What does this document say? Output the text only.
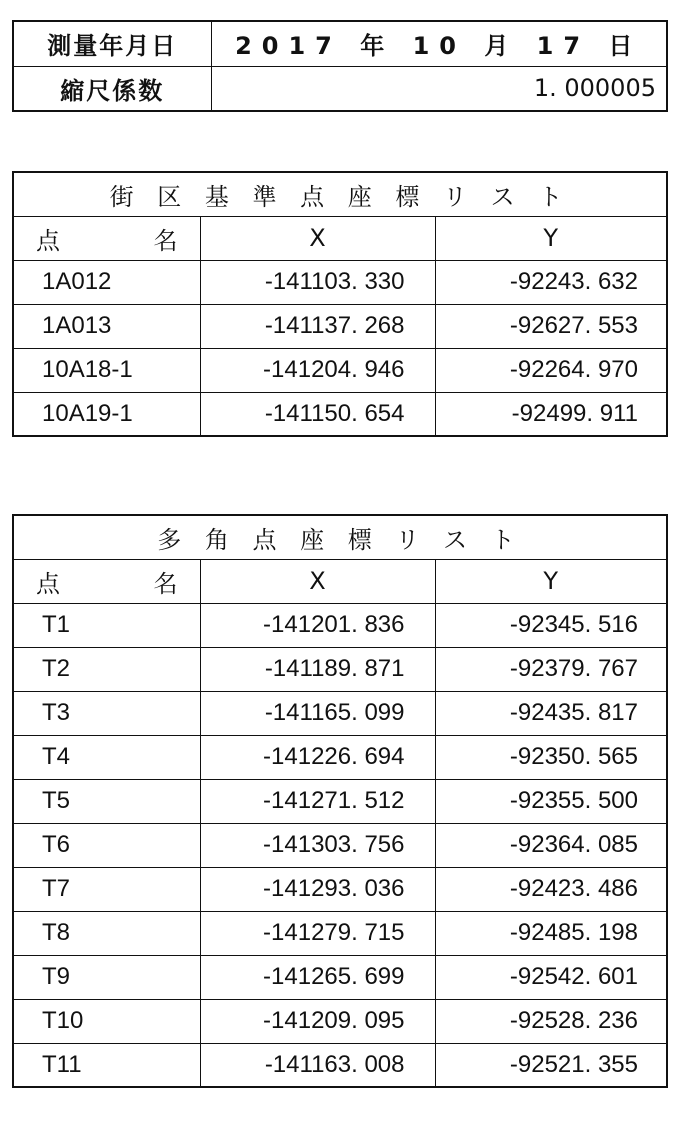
測量年月日	2017 年 10 月 17 日
縮尺係数	1. 000005
街 区 基 準 点 座 標 リ ス ト		
点 名	X	Y
1A012	-141103. 330	-92243. 632
1A013	-141137. 268	-92627. 553
10A18-1	-141204. 946	-92264. 970
10A19-1	-141150. 654	-92499. 911
多 角 点 座 標 リ ス ト		
点 名	X	Y
T1	-141201. 836	-92345. 516
T2	-141189. 871	-92379. 767
T3	-141165. 099	-92435. 817
T4	-141226. 694	-92350. 565
T5	-141271. 512	-92355. 500
T6	-141303. 756	-92364. 085
T7	-141293. 036	-92423. 486
T8	-141279. 715	-92485. 198
T9	-141265. 699	-92542. 601
T10	-141209. 095	-92528. 236
T11	-141163. 008	-92521. 355
